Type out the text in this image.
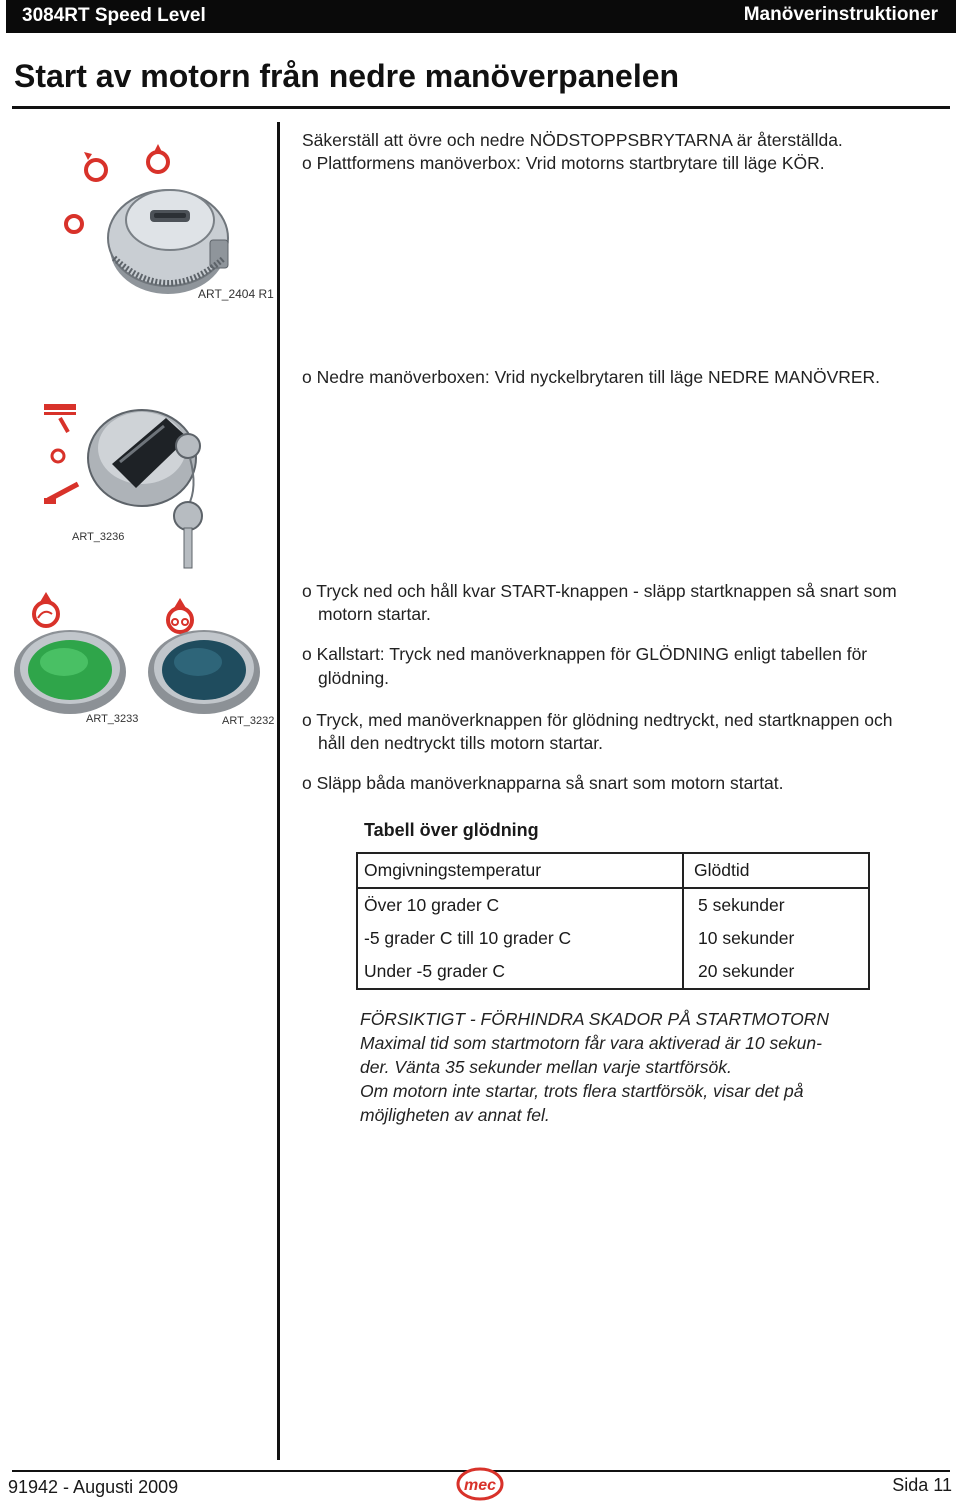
3084RT Speed Level	Manöverinstruktioner
Start av motorn från nedre manöverpanelen
ART_2404 R1
ART_3236
ART_3233	ART_3232
Säkerställ att övre och nedre NÖDSTOPPSBRYTARNA är återställda.
o Plattformens manöverbox: Vrid motorns startbrytare till läge KÖR.
o Nedre manöverboxen: Vrid nyckelbrytaren till läge NEDRE MANÖVRER.
o Tryck ned och håll kvar START-knappen - släpp startknappen så snart som
motorn startar.
o Kallstart: Tryck ned manöverknappen för GLÖDNING enligt tabellen för
glödning.
o Tryck, med manöverknappen för glödning nedtryckt, ned startknappen och
håll den nedtryckt tills motorn startar.
o Släpp båda manöverknapparna så snart som motorn startat.
Tabell över glödning
Omgivningstemperatur	Glödtid
Över 10 grader C	5 sekunder
-5 grader C till 10 grader C	10 sekunder
Under -5 grader C	20 sekunder
FÖRSIKTIGT - FÖRHINDRA SKADOR PÅ STARTMOTORN
Maximal tid som startmotorn får vara aktiverad är 10 sekun-
der. Vänta 35 sekunder mellan varje startförsök.
Om motorn inte startar, trots flera startförsök, visar det på
möjligheten av annat fel.
91942 - Augusti 2009	mec	Sida 11
